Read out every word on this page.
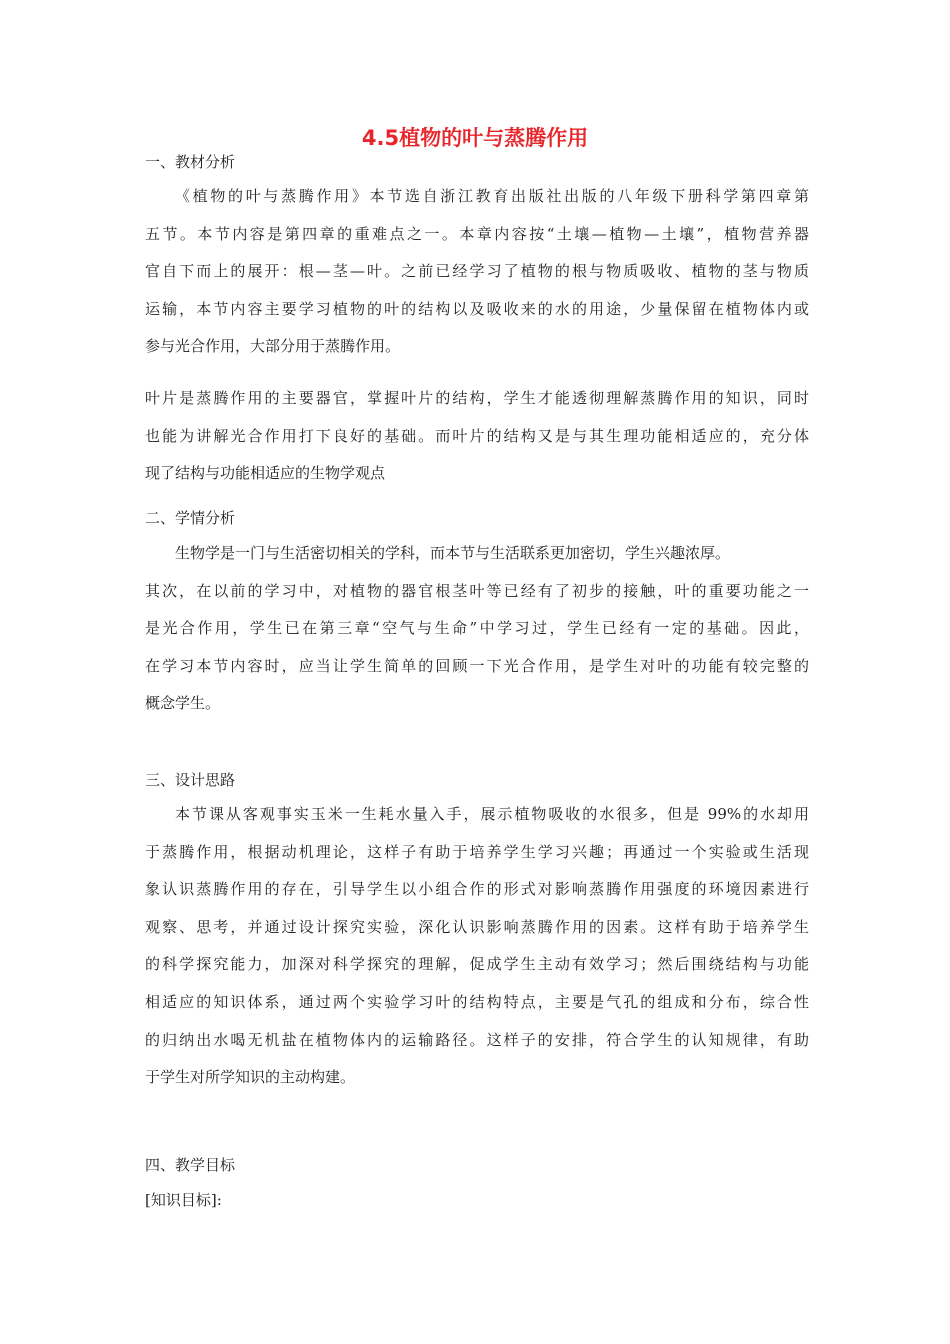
4.5植物的叶与蒸腾作用
一、教材分析
《植物的叶与蒸腾作用》本节选自浙江教育出版社出版的八年级下册科学第四章第
五节。本节内容是第四章的重难点之一。本章内容按“土壤—植物—土壤”，植物营养器
官自下而上的展开：根—茎—叶。之前已经学习了植物的根与物质吸收、植物的茎与物质
运输，本节内容主要学习植物的叶的结构以及吸收来的水的用途，少量保留在植物体内或
参与光合作用，大部分用于蒸腾作用。
叶片是蒸腾作用的主要器官，掌握叶片的结构，学生才能透彻理解蒸腾作用的知识，同时
也能为讲解光合作用打下良好的基础。而叶片的结构又是与其生理功能相适应的，充分体
现了结构与功能相适应的生物学观点
二、学情分析
生物学是一门与生活密切相关的学科，而本节与生活联系更加密切，学生兴趣浓厚。
其次，在以前的学习中，对植物的器官根茎叶等已经有了初步的接触，叶的重要功能之一
是光合作用，学生已在第三章“空气与生命”中学习过，学生已经有一定的基础。因此，
在学习本节内容时，应当让学生简单的回顾一下光合作用，是学生对叶的功能有较完整的
概念学生。
三、设计思路
本节课从客观事实玉米一生耗水量入手，展示植物吸收的水很多，但是 99%的水却用
于蒸腾作用，根据动机理论，这样子有助于培养学生学习兴趣；再通过一个实验或生活现
象认识蒸腾作用的存在，引导学生以小组合作的形式对影响蒸腾作用强度的环境因素进行
观察、思考，并通过设计探究实验，深化认识影响蒸腾作用的因素。这样有助于培养学生
的科学探究能力，加深对科学探究的理解，促成学生主动有效学习；然后围绕结构与功能
相适应的知识体系，通过两个实验学习叶的结构特点，主要是气孔的组成和分布，综合性
的归纳出水喝无机盐在植物体内的运输路径。这样子的安排，符合学生的认知规律，有助
于学生对所学知识的主动构建。
四、教学目标
[知识目标]:
